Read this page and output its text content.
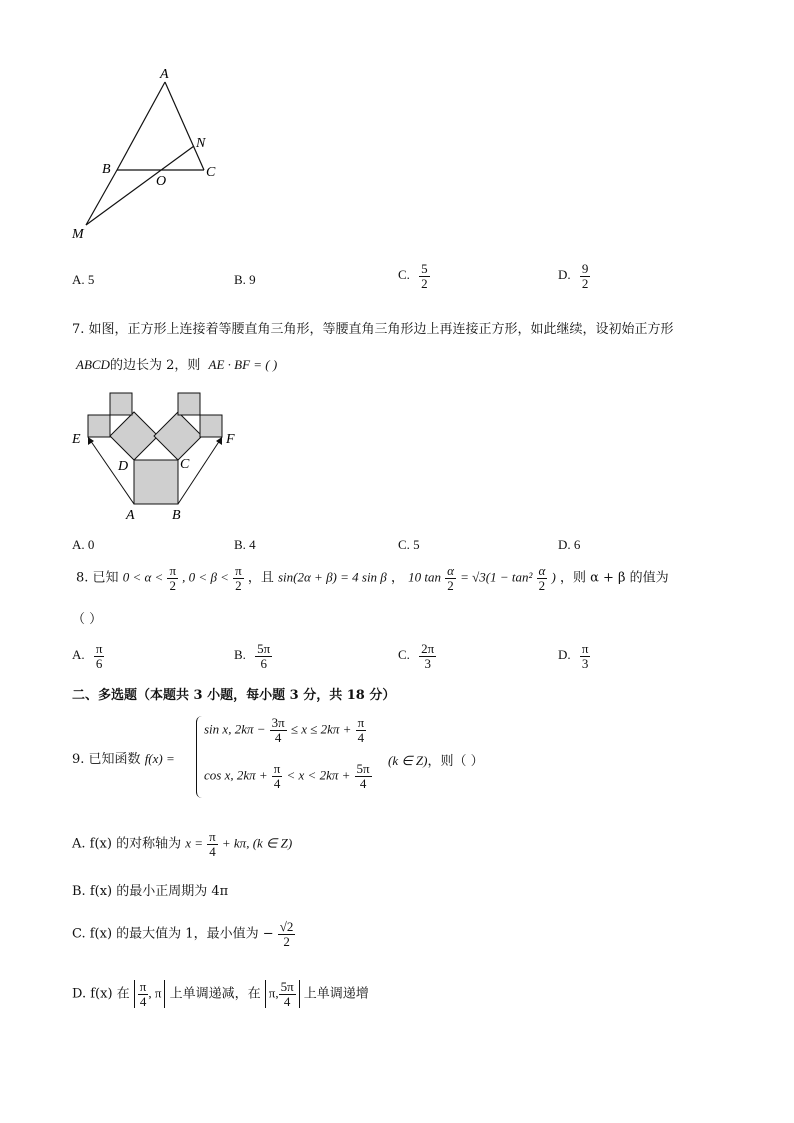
A
N
B
O
C
M
A. 5	B. 9	C. $\frac{5}{2}$	D. $\frac{9}{2}$
7. 如图，正方形上连接着等腰直角三角形，等腰直角三角形边上再连接正方形，如此继续，设初始正方形
ABCD的边长为 2，则 AE · BF = ( )
E	F
D	C
A	B
A. 0	B. 4	C. 5	D. 6
8. 已知 $0 < \alpha < \frac{\pi}{2}$ , $0 < \beta < \frac{\pi}{2}$ ，且 sin(2α + β) = 4 sin β ， 10 $\tan \frac{\alpha}{2} = √3(1 - \tan^2 \frac{\alpha}{2}$ ) ，则 α + β 的值为
（ ）
A. $\frac{\pi}{6}$	B. $\frac{5\pi}{6}$	C. $\frac{2\pi}{3}$	D. $\frac{\pi}{3}$
二、多选题（本题共 3 小题，每小题 3 分，共 18 分）
9. 已知函数 f(x) =
sin x, $2k\pi - \frac{3\pi}{4} \le x \le 2k\pi + \frac{\pi}{4}$
cos x, $2k\pi + \frac{\pi}{4} < x < 2k\pi + \frac{5\pi}{4}$
(k ∈ Z)，则（ ）
A. f(x) 的对称轴为 $x = \frac{\pi}{4} + k\pi$, (k ∈ Z)
B. f(x) 的最小正周期为 4π
C. f(x) 的最大值为 1，最小值为 − $\frac{√2}{2}$
D. f(x) 在 $\frac{\pi}{4}$ , π 上单调递减，在 π, $\frac{5\pi}{4}$ 上单调递增
